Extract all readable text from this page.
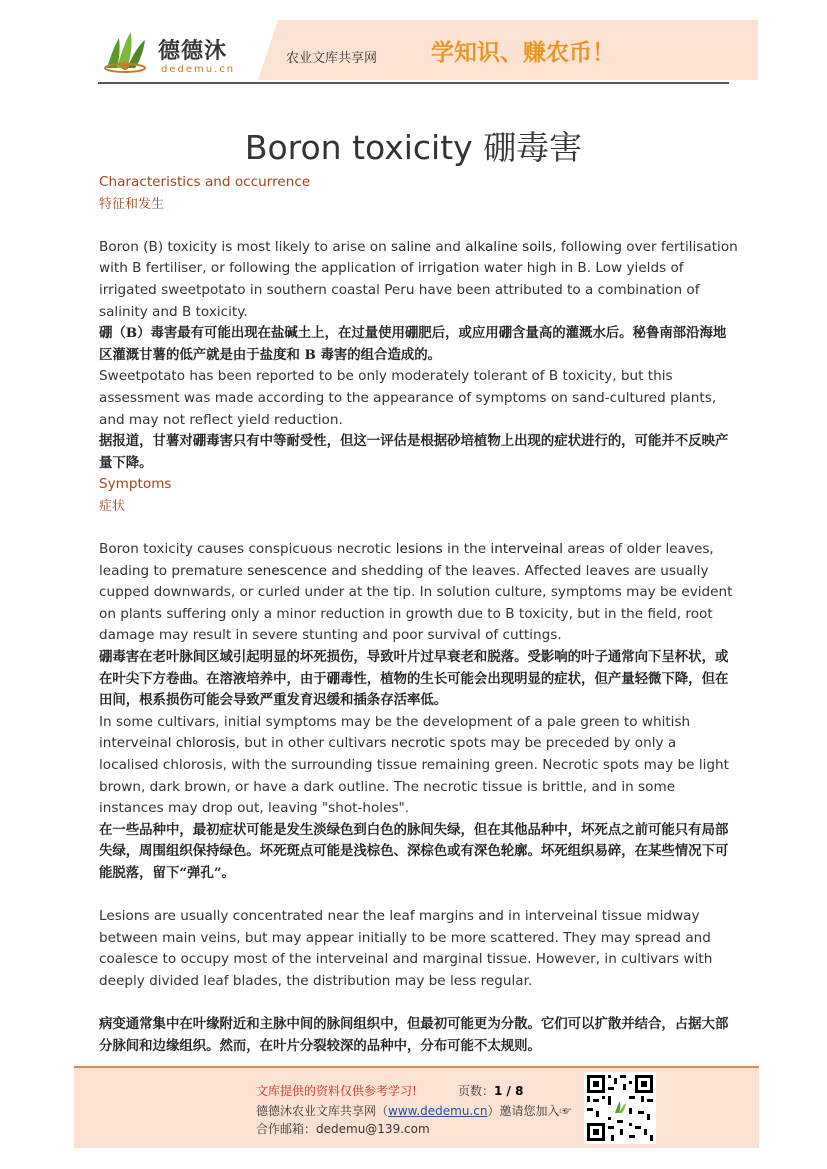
德德沐
dedemu.cn
农业文库共享网 学知识、赚农币！
Boron toxicity 硼毒害

Characteristics and occurrence

特征和发生

Boron (B) toxicity is most likely to arise on saline and alkaline soils, following over fertilisation with B fertiliser, or following the application of irrigation water high in B. Low yields of irrigated sweetpotato in southern coastal Peru have been attributed to a combination of salinity and B toxicity.

硼（B）毒害最有可能出现在盐碱土上，在过量使用硼肥后，或应用硼含量高的灌溉水后。秘鲁南部沿海地区灌溉甘薯的低产就是由于盐度和 B 毒害的组合造成的。

Sweetpotato has been reported to be only moderately tolerant of B toxicity, but this assessment was made according to the appearance of symptoms on sand-cultured plants, and may not reflect yield reduction.

据报道，甘薯对硼毒害只有中等耐受性，但这一评估是根据砂培植物上出现的症状进行的，可能并不反映产量下降。

Symptoms

症状

Boron toxicity causes conspicuous necrotic lesions in the interveinal areas of older leaves, leading to premature senescence and shedding of the leaves. Affected leaves are usually cupped downwards, or curled under at the tip. In solution culture, symptoms may be evident on plants suffering only a minor reduction in growth due to B toxicity, but in the field, root damage may result in severe stunting and poor survival of cuttings.

硼毒害在老叶脉间区域引起明显的坏死损伤，导致叶片过早衰老和脱落。受影响的叶子通常向下呈杯状，或在叶尖下方卷曲。在溶液培养中，由于硼毒性，植物的生长可能会出现明显的症状，但产量轻微下降，但在田间，根系损伤可能会导致严重发育迟缓和插条存活率低。

In some cultivars, initial symptoms may be the development of a pale green to whitish interveinal chlorosis, but in other cultivars necrotic spots may be preceded by only a localised chlorosis, with the surrounding tissue remaining green. Necrotic spots may be light brown, dark brown, or have a dark outline. The necrotic tissue is brittle, and in some instances may drop out, leaving "shot-holes".

在一些品种中，最初症状可能是发生淡绿色到白色的脉间失绿，但在其他品种中，坏死点之前可能只有局部失绿，周围组织保持绿色。坏死斑点可能是浅棕色、深棕色或有深色轮廓。坏死组织易碎，在某些情况下可能脱落，留下“弹孔”。

Lesions are usually concentrated near the leaf margins and in interveinal tissue midway between main veins, but may appear initially to be more scattered. They may spread and coalesce to occupy most of the interveinal and marginal tissue. However, in cultivars with deeply divided leaf blades, the distribution may be less regular.

病变通常集中在叶缘附近和主脉中间的脉间组织中，但最初可能更为分散。它们可以扩散并结合，占据大部分脉间和边缘组织。然而，在叶片分裂较深的品种中，分布可能不太规则。

文库提供的资料仅供参考学习!	页数：1 / 8
德德沐农业文库共享网（www.dedemu.cn）邀请您加入☞
合作邮箱：dedemu@139.com
